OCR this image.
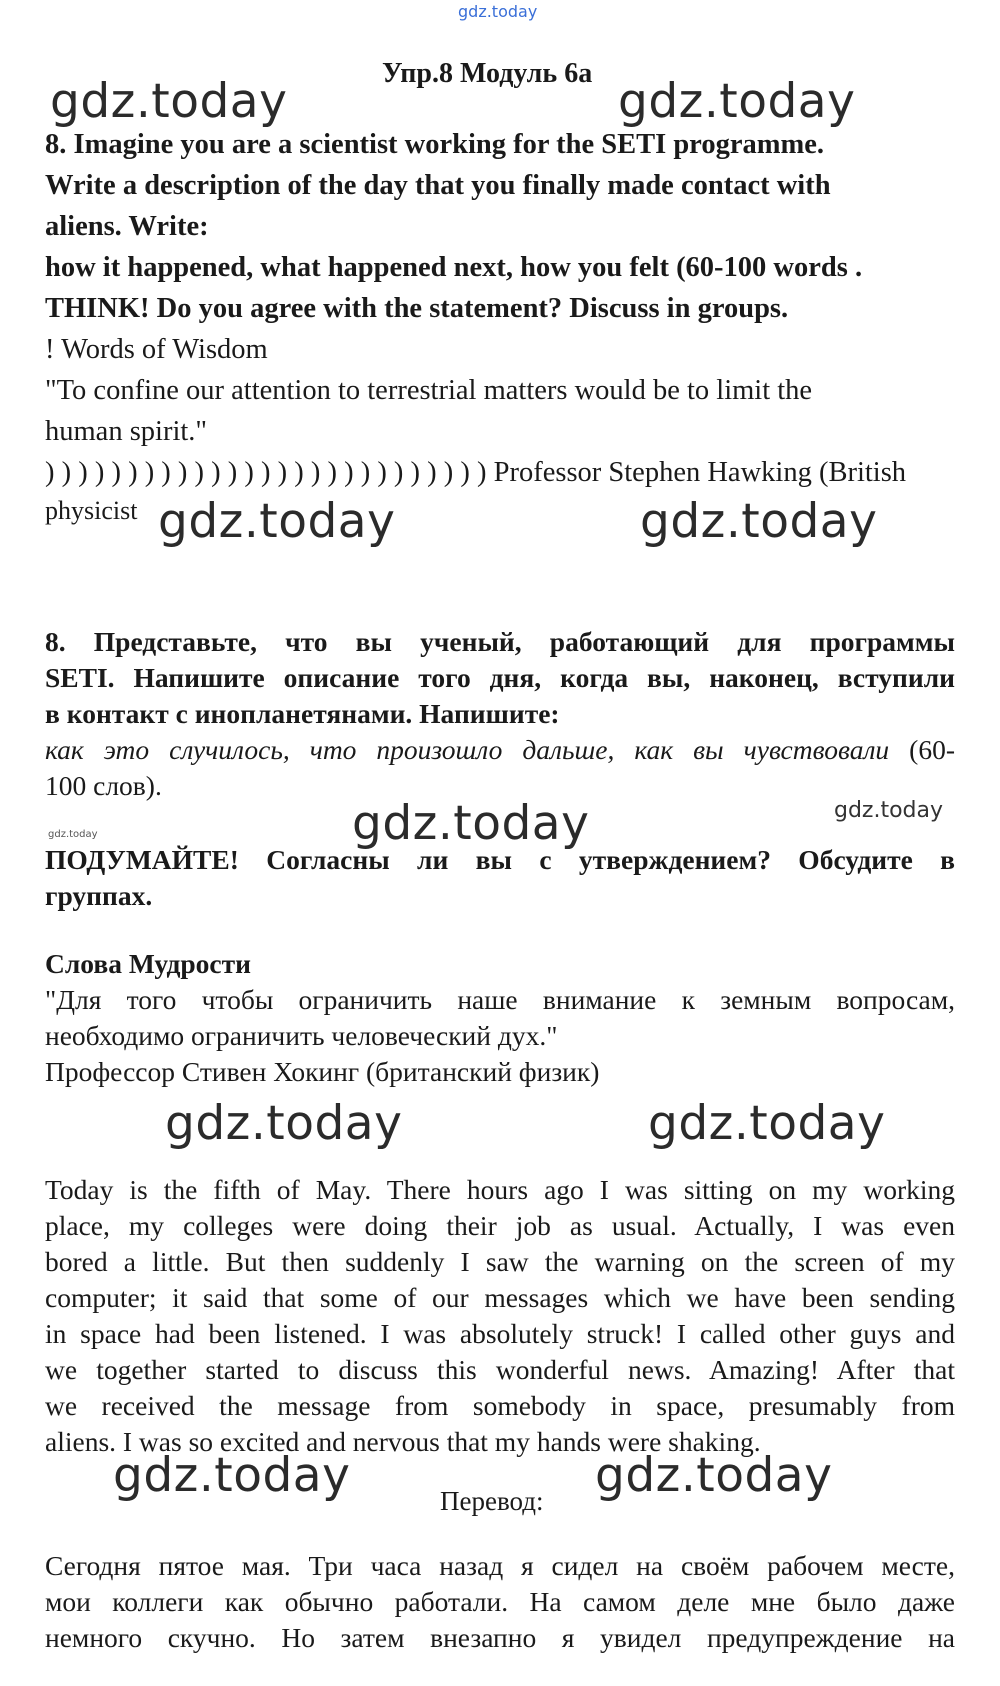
gdz.today
Упр.8 Модуль 6а
gdz.today	gdz.today
8. Imagine you are a scientist working for the SETI programme.
Write a description of the day that you finally made contact with
aliens. Write:
how it happened, what happened next, how you felt (60-100 words .
THINK! Do you agree with the statement? Discuss in groups.
! Words of Wisdom
"To confine our attention to terrestrial matters would be to limit the
human spirit."
) ) ) ) ) ) ) ) ) ) ) ) ) ) ) ) ) ) ) ) ) ) ) ) ) ) ) Professor Stephen Hawking (British
physicist gdz.today	gdz.today
8. Представьте, что вы ученый, работающий для программы
SETI. Напишите описание того дня, когда вы, наконец, вступили
в контакт с инопланетянами. Напишите:
как это случилось, что произошло дальше, как вы чувствовали (60-
100 слов).
gdz.today	gdz.today
gdz.today
ПОДУМАЙТЕ! Согласны ли вы с утверждением? Обсудите в
группах.
Слова Мудрости
"Для того чтобы ограничить наше внимание к земным вопросам,
необходимо ограничить человеческий дух."
Профессор Стивен Хокинг (британский физик)
gdz.today	gdz.today
Today is the fifth of May. There hours ago I was sitting on my working
place, my colleges were doing their job as usual. Actually, I was even
bored a little. But then suddenly I saw the warning on the screen of my
computer; it said that some of our messages which we have been sending
in space had been listened. I was absolutely struck! I called other guys and
we together started to discuss this wonderful news. Amazing! After that
we received the message from somebody in space, presumably from
aliens. I was so excited and nervous that my hands were shaking.
gdz.today	gdz.today
Перевод:
Сегодня пятое мая. Три часа назад я сидел на своём рабочем месте,
мои коллеги как обычно работали. На самом деле мне было даже
немного скучно. Но затем внезапно я увидел предупреждение на
